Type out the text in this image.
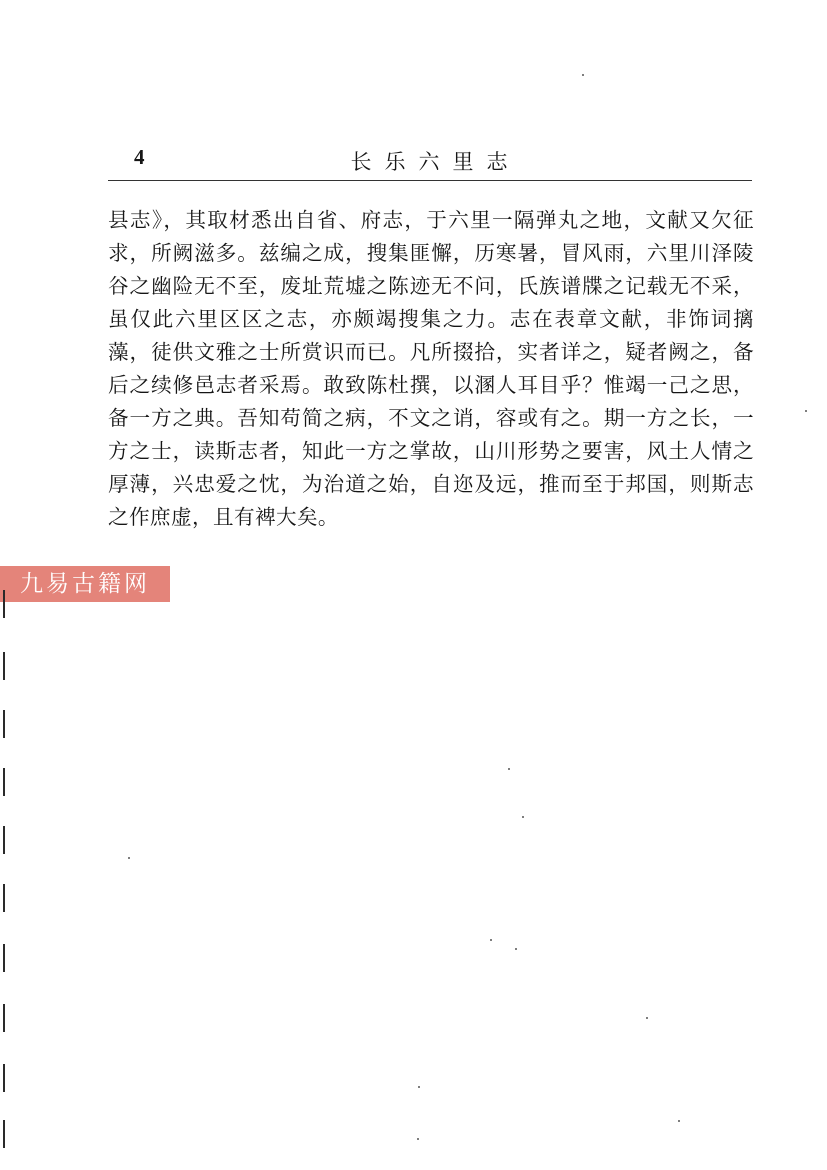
4	长乐六里志

县志》，其取材悉出自省、府志，于六里一隔弹丸之地，文献又欠征求，所阙滋多。兹编之成，搜集匪懈，历寒暑，冒风雨，六里川泽陵谷之幽险无不至，废址荒墟之陈迹无不问，氏族谱牒之记载无不采，虽仅此六里区区之志，亦颇竭搜集之力。志在表章文献，非饰词摛藻，徒供文雅之士所赏识而已。凡所掇拾，实者详之，疑者阙之，备后之续修邑志者采焉。敢致陈杜撰，以溷人耳目乎？惟竭一己之思，备一方之典。吾知苟简之病，不文之诮，容或有之。期一方之长，一方之士，读斯志者，知此一方之掌故，山川形势之要害，风土人情之厚薄，兴忠爱之忱，为治道之始，自迩及远，推而至于邦国，则斯志之作庶虚，且有裨大矣。

九易古籍网
